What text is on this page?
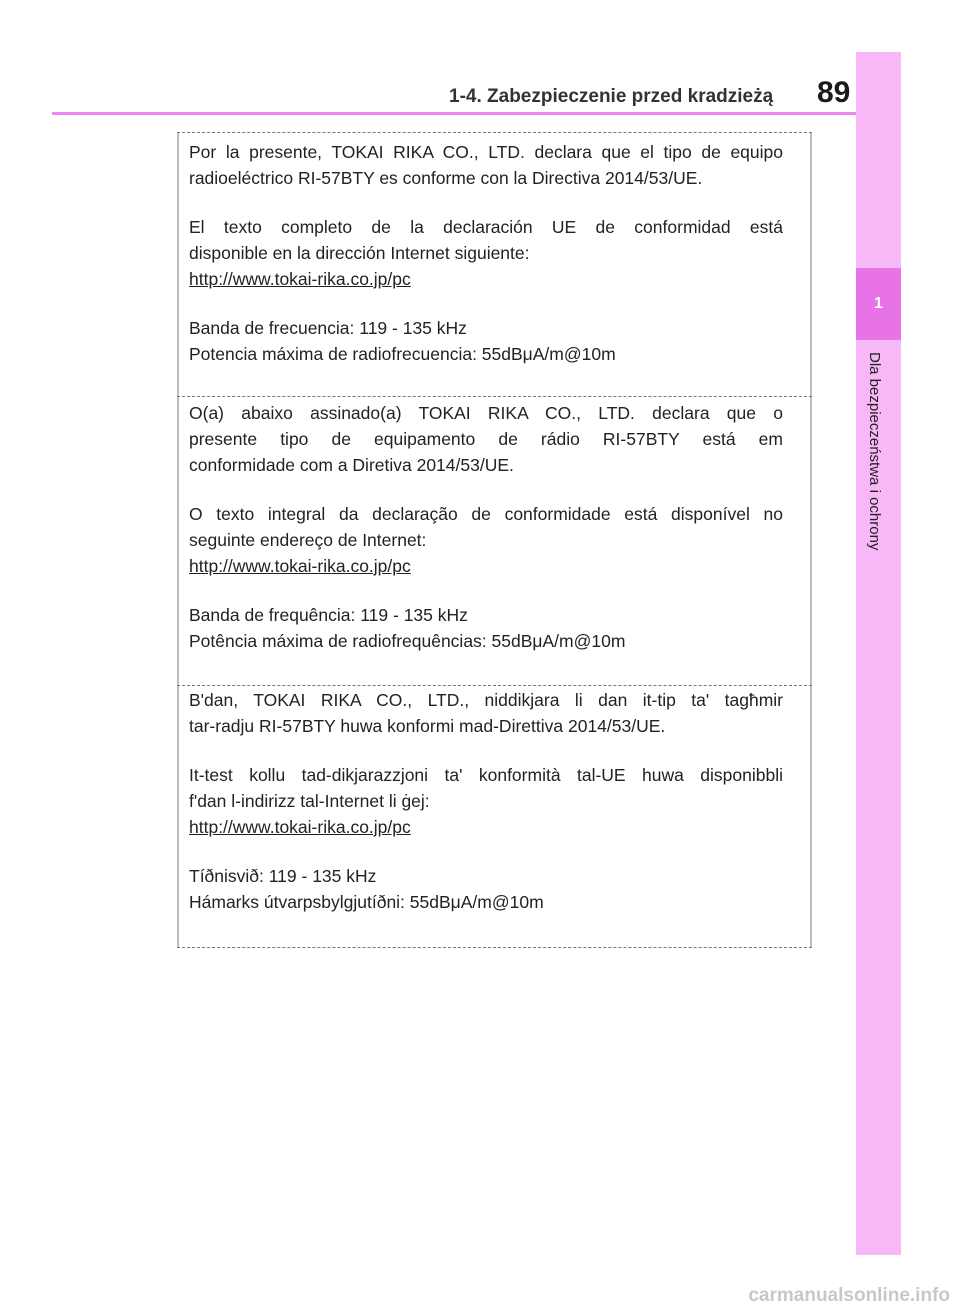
1-4. Zabezpieczenie przed kradzieżą 89
1
Dla bezpieczeństwa i ochrony

Por la presente, TOKAI RIKA CO., LTD. declara que el tipo de equipo

radioeléctrico RI-57BTY es conforme con la Directiva 2014/53/UE.

El texto completo de la declaración UE de conformidad está

disponible en la dirección Internet siguiente:

http://www.tokai-rika.co.jp/pc

Banda de frecuencia: 119 - 135 kHz

Potencia máxima de radiofrecuencia: 55dBμA/m@10m

O(a) abaixo assinado(a) TOKAI RIKA CO., LTD. declara que o

presente tipo de equipamento de rádio RI-57BTY está em

conformidade com a Diretiva 2014/53/UE.

O texto integral da declaração de conformidade está disponível no

seguinte endereço de Internet:

http://www.tokai-rika.co.jp/pc

Banda de frequência: 119 - 135 kHz

Potência máxima de radiofrequências: 55dBμA/m@10m

B'dan, TOKAI RIKA CO., LTD., niddikjara li dan it-tip ta' tagħmir

tar-radju RI-57BTY huwa konformi mad-Direttiva 2014/53/UE.

It-test kollu tad-dikjarazzjoni ta' konformità tal-UE huwa disponibbli

f'dan l-indirizz tal-Internet li ġej:

http://www.tokai-rika.co.jp/pc

Tíðnisvið: 119 - 135 kHz

Hámarks útvarpsbylgjutíðni: 55dBμA/m@10m

carmanualsonline.info
